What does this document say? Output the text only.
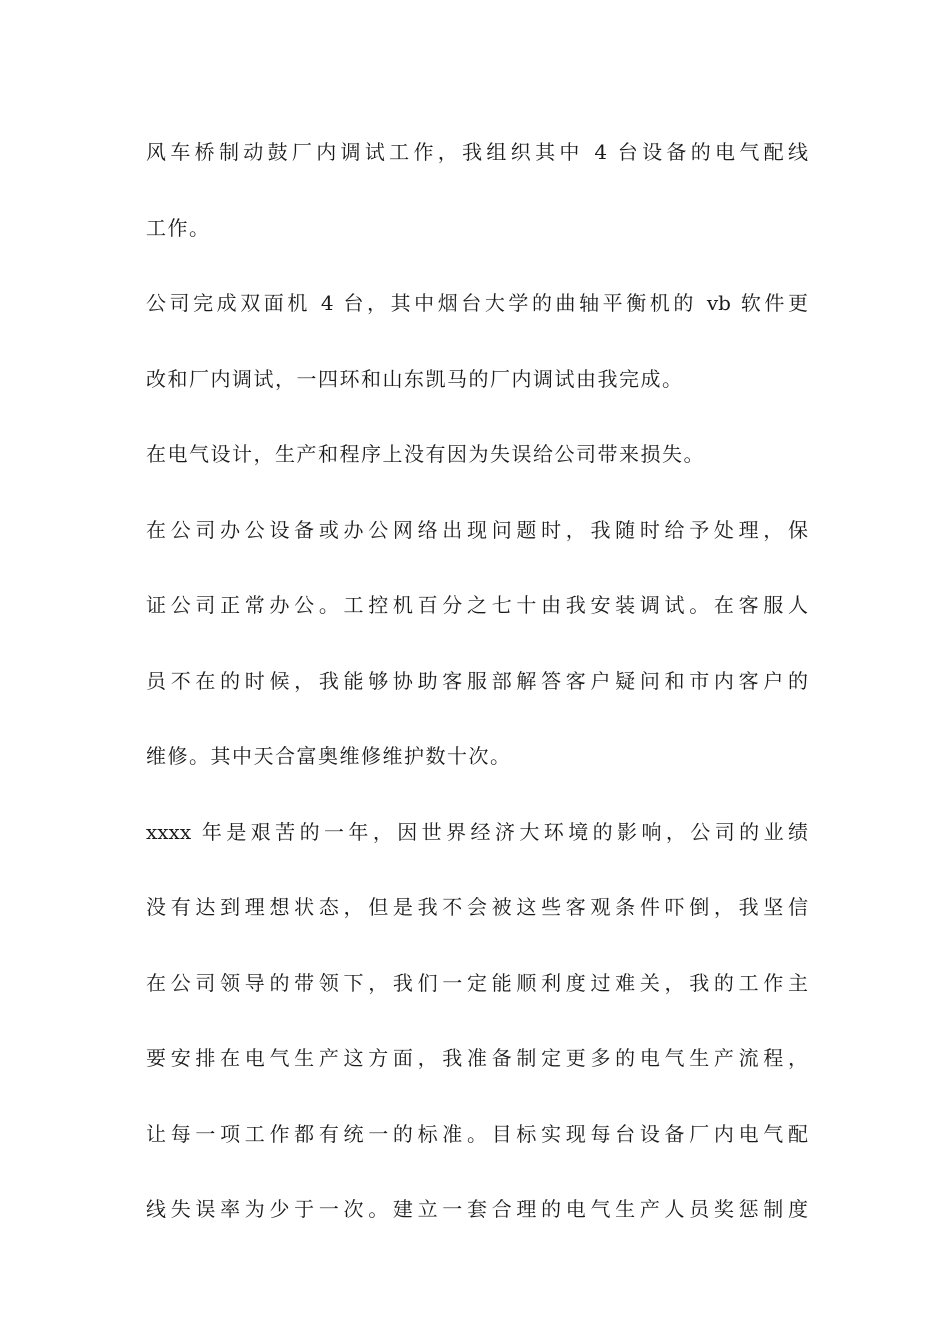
风车桥制动鼓厂内调试工作，我组织其中 4 台设备的电气配线
工作。
公司完成双面机 4 台，其中烟台大学的曲轴平衡机的 vb 软件更
改和厂内调试，一四环和山东凯马的厂内调试由我完成。
在电气设计，生产和程序上没有因为失误给公司带来损失。
在公司办公设备或办公网络出现问题时，我随时给予处理，保
证公司正常办公。工控机百分之七十由我安装调试。在客服人
员不在的时候，我能够协助客服部解答客户疑问和市内客户的
维修。其中天合富奥维修维护数十次。
xxxx 年是艰苦的一年，因世界经济大环境的影响，公司的业绩
没有达到理想状态，但是我不会被这些客观条件吓倒，我坚信
在公司领导的带领下，我们一定能顺利度过难关，我的工作主
要安排在电气生产这方面，我准备制定更多的电气生产流程，
让每一项工作都有统一的标准。目标实现每台设备厂内电气配
线失误率为少于一次。建立一套合理的电气生产人员奖惩制度
